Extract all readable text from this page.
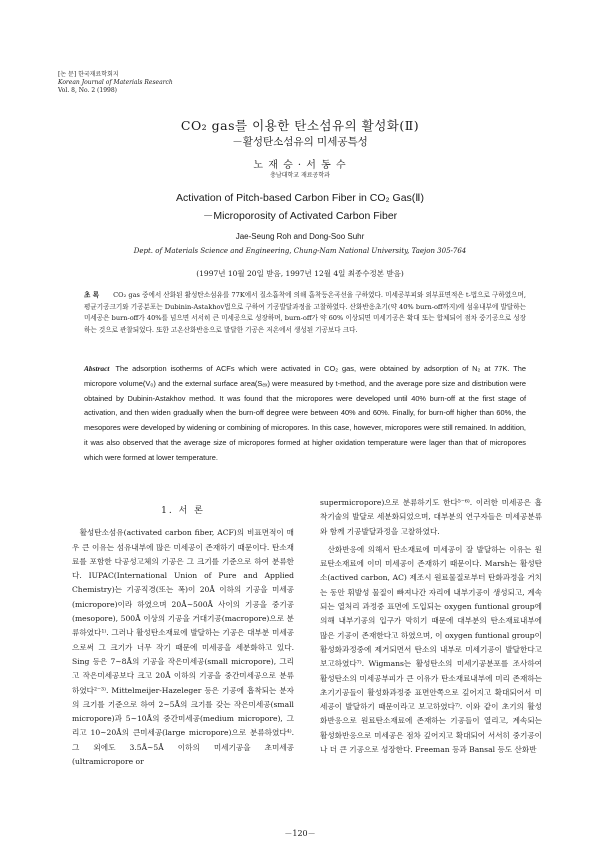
[논 문] 한국재료학회지
Korean Journal of Materials Research
Vol. 8, No. 2 (1998)
CO₂ gas를 이용한 탄소섬유의 활성화(Ⅱ)
－활성탄소섬유의 미세공특성
노 재 승 · 서 동 수
충남대학교 재료공학과
Activation of Pitch-based Carbon Fiber in CO₂ Gas(Ⅱ)
－Microporosity of Activated Carbon Fiber
Jae-Seung Roh and Dong-Soo Suhr
Dept. of Materials Science and Engineering, Chung-Nam National University, Taejon 305-764
(1997년 10월 20일 받음, 1997년 12월 4일 최종수정본 받음)
초 록 CO₂ gas 중에서 산화된 활성탄소섬유를 77K에서 질소흡착에 의해 흡착등온곡선을 구하였다. 미세공부피와 외부표면적은 t-법으로 구하였으며, 평균기공크기와 기공분포는 Dubinin-Astakhov법으로 구하여 기공발달과정을 고찰하였다. 산화반응초기(약 40% burn-off까지)에 섬유내부에 발달하는 미세공은 burn-off가 40%를 넘으면 서서히 큰 미세공으로 성장하며, burn-off가 약 60% 이상되면 미세기공은 확대 또는 합체되어 점차 중기공으로 성장하는 것으로 관찰되었다. 또한 고온산화반응으로 발달한 기공은 저온에서 생성된 기공보다 크다.
Abstract The adsorption isotherms of ACFs which were activated in CO₂ gas, were obtained by adsorption of N₂ at 77K. The micropore volume(V₀) and the external surface area(Sₑₓ) were measured by t-method, and the average pore size and distribution were obtained by Dubinin-Astakhov method. It was found that the micropores were developed until 40% burn-off at the first stage of activation, and then widen gradually when the burn-off degree were between 40% and 60%. Finally, for burn-off higher than 60%, the mesopores were developed by widening or combining of micropores. In this case, however, micropores were still remained. In addition, it was also observed that the average size of micropores formed at higher oxidation temperature were lager than that of micropores which were formed at lower temperature.
1. 서 론

활성탄소섬유(activated carbon fiber, ACF)의 비표면적이 매우 큰 이유는 섬유내부에 많은 미세공이 존재하기 때문이다. 탄소재료를 포함한 다공성고체의 기공은 그 크기를 기준으로 하여 분류한다. IUPAC(International Union of Pure and Applied Chemistry)는 기공직경(또는 폭)이 20Å 이하의 기공을 미세공(micropore)이라 하였으며 20Å~500Å 사이의 기공을 중기공(mesopore), 500Å 이상의 기공을 거대기공(macropore)으로 분류하였다¹⁾. 그러나 활성탄소재료에 발달하는 기공은 대부분 미세공으로써 그 크기가 너무 작기 때문에 미세공을 세분화하고 있다. Sing 등은 7~8Å의 기공을 작은미세공(small micropore), 그리고 작은미세공보다 크고 20Å 이하의 기공을 중간미세공으로 분류하였다²⁻³⁾. Mittelmeijer-Hazeleger 등은 기공에 흡착되는 분자의 크기를 기준으로 하여 2~5Å의 크기를 갖는 작은미세공(small micropore)과 5~10Å의 중간미세공(medium micropore), 그리고 10~20Å의 큰미세공(large micropore)으로 분류하였다⁴⁾. 그 외에도 3.5Å~5Å 이하의 미세기공을 초미세공(ultramicropore or

supermicropore)으로 분류하기도 한다⁵⁻⁶⁾. 이러한 미세공은 흡착기술의 발달로 세분화되었으며, 대부분의 연구자들은 미세공분류와 함께 기공발달과정을 고찰하였다.

산화반응에 의해서 탄소재료에 미세공이 잘 발달하는 이유는 원료탄소재료에 이미 미세공이 존재하기 때문이다. Marsh는 활성탄소(actived carbon, AC) 제조시 원료물질로부터 탄화과정을 거치는 동안 휘발성 물질이 빠져나간 자리에 내부기공이 생성되고, 계속되는 열처리 과정중 표면에 도입되는 oxygen funtional group에 의해 내부기공의 입구가 막히기 때문에 대부분의 탄소재료내부에 많은 기공이 존재한다고 하였으며, 이 oxygen funtional group이 활성화과정중에 제거되면서 탄소의 내부로 미세기공이 발달한다고 보고하였다⁷⁾. Wigmans는 활성탄소의 미세기공분포를 조사하여 활성탄소의 미세공부피가 큰 이유가 탄소재료내부에 미리 존재하는 초기기공들이 활성화과정중 표면안쪽으로 깊어지고 확대되어서 미세공이 발달하기 때문이라고 보고하였다⁷⁾. 이와 같이 초기의 활성화반응으로 원료탄소재료에 존재하는 기공들이 열리고, 계속되는 활성화반응으로 미세공은 점차 깊어지고 확대되어 서서히 중기공이나 더 큰 기공으로 성장한다. Freeman 등과 Bansal 등도 산화반

－120－
